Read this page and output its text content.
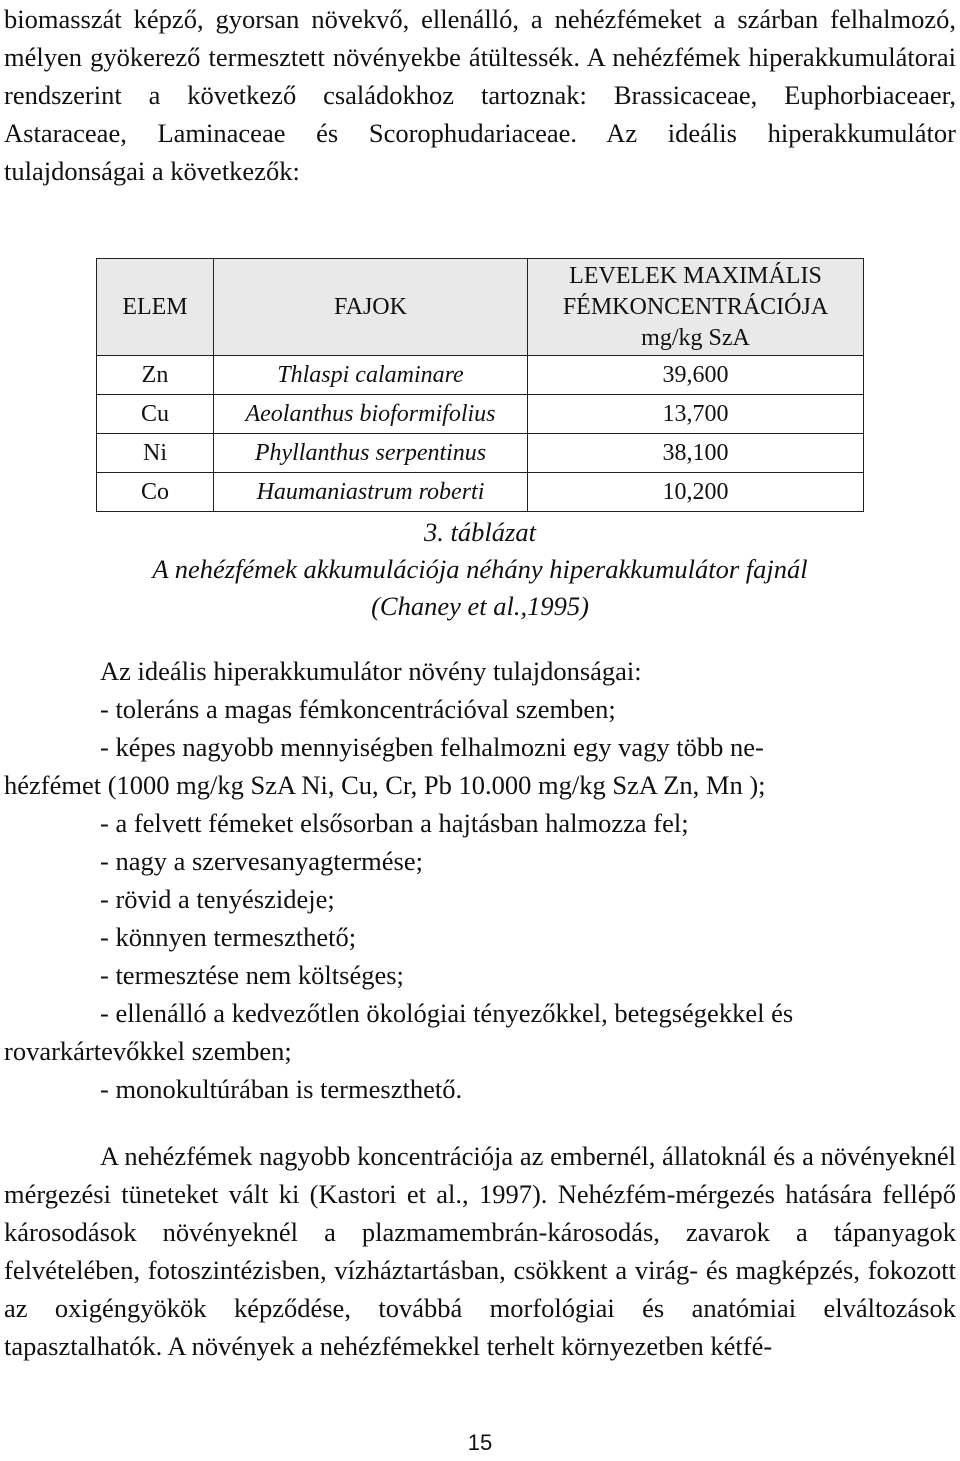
biomasszát képző, gyorsan növekvő, ellenálló, a nehézfémeket a szárban felhalmozó, mélyen gyökerező termesztett növényekbe átültessék. A nehézfémek hiperakkumulátorai rendszerint a következő családokhoz tartoznak: Brassicaceae, Euphorbiaceaer, Astaraceae, Laminaceae és Scorophudariaceae. Az ideális hiperakkumulátor tulajdonságai a következők:

ELEM	FAJOK	LEVELEK MAXIMÁLIS
FÉMKONCENTRÁCIÓJA
mg/kg SzA

Zn	Thlaspi calaminare	39,600
Cu	Aeolanthus bioformifolius	13,700
Ni	Phyllanthus serpentinus	38,100
Co	Haumaniastrum roberti	10,200
3. táblázat
A nehézfémek akkumulációja néhány hiperakkumulátor fajnál
(Chaney et al.,1995)

Az ideális hiperakkumulátor növény tulajdonságai:

- toleráns a magas fémkoncentrációval szemben;

- képes nagyobb mennyiségben felhalmozni egy vagy több ne-

hézfémet (1000 mg/kg SzA Ni, Cu, Cr, Pb 10.000 mg/kg SzA Zn, Mn );

- a felvett fémeket elsősorban a hajtásban halmozza fel;

- nagy a szervesanyagtermése;

- rövid a tenyészideje;

- könnyen termeszthető;

- termesztése nem költséges;

- ellenálló a kedvezőtlen ökológiai tényezőkkel, betegségekkel és

rovarkártevőkkel szemben;

- monokultúrában is termeszthető.

A nehézfémek nagyobb koncentrációja az embernél, állatoknál és a növényeknél mérgezési tüneteket vált ki (Kastori et al., 1997). Nehézfém-mérgezés hatására fellépő károsodások növényeknél a plazmamembrán-károsodás, zavarok a tápanyagok felvételében, fotoszintézisben, vízháztartásban, csökkent a virág- és magképzés, fokozott az oxigéngyökök képződése, továbbá morfológiai és anatómiai elváltozások tapasztalhatók. A növények a nehézfémekkel terhelt környezetben kétfé-

15
